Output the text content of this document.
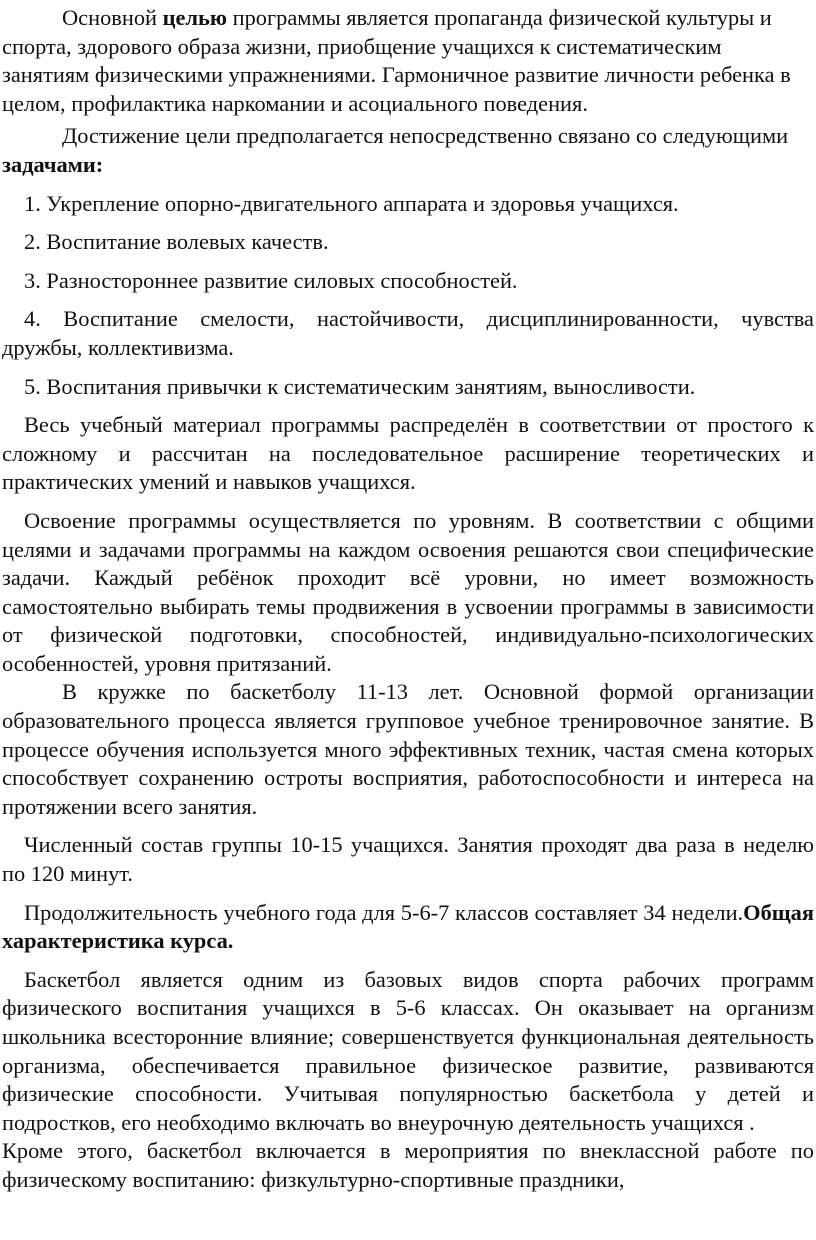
Основной целью программы является пропаганда физической культуры и спорта, здорового образа жизни, приобщение учащихся к систематическим занятиям физическими упражнениями. Гармоничное развитие личности ребенка в целом, профилактика наркомании и асоциального поведения.

Достижение цели предполагается непосредственно связано со следующими задачами:

1. Укрепление опорно-двигательного аппарата и здоровья учащихся.

2. Воспитание волевых качеств.

3. Разностороннее развитие силовых способностей.

4. Воспитание смелости, настойчивости, дисциплинированности, чувства дружбы, коллективизма.

5. Воспитания привычки к систематическим занятиям, выносливости.

Весь учебный материал программы распределён в соответствии от простого к сложному и рассчитан на последовательное расширение теоретических и практических умений и навыков учащихся.

Освоение программы осуществляется по уровням. В соответствии с общими целями и задачами программы на каждом освоения решаются свои специфические задачи. Каждый ребёнок проходит всё уровни, но имеет возможность самостоятельно выбирать темы продвижения в усвоении программы в зависимости от физической подготовки, способностей, индивидуально-психологических особенностей, уровня притязаний.

В кружке по баскетболу 11-13 лет. Основной формой организации образовательного процесса является групповое учебное тренировочное занятие. В процессе обучения используется много эффективных техник, частая смена которых способствует сохранению остроты восприятия, работоспособности и интереса на протяжении всего занятия.

Численный состав группы 10-15 учащихся. Занятия проходят два раза в неделю по 120 минут.

Продолжительность учебного года для 5-6-7 классов составляет 34 недели.Общая характеристика курса.

Баскетбол является одним из базовых видов спорта рабочих программ физического воспитания учащихся в 5-6 классах. Он оказывает на организм школьника всесторонние влияние; совершенствуется функциональная деятельность организма, обеспечивается правильное физическое развитие, развиваются физические способности. Учитывая популярностью баскетбола у детей и подростков, его необходимо включать во внеурочную деятельность учащихся .

Кроме этого, баскетбол включается в мероприятия по внеклассной работе по физическому воспитанию: физкультурно-спортивные праздники,
